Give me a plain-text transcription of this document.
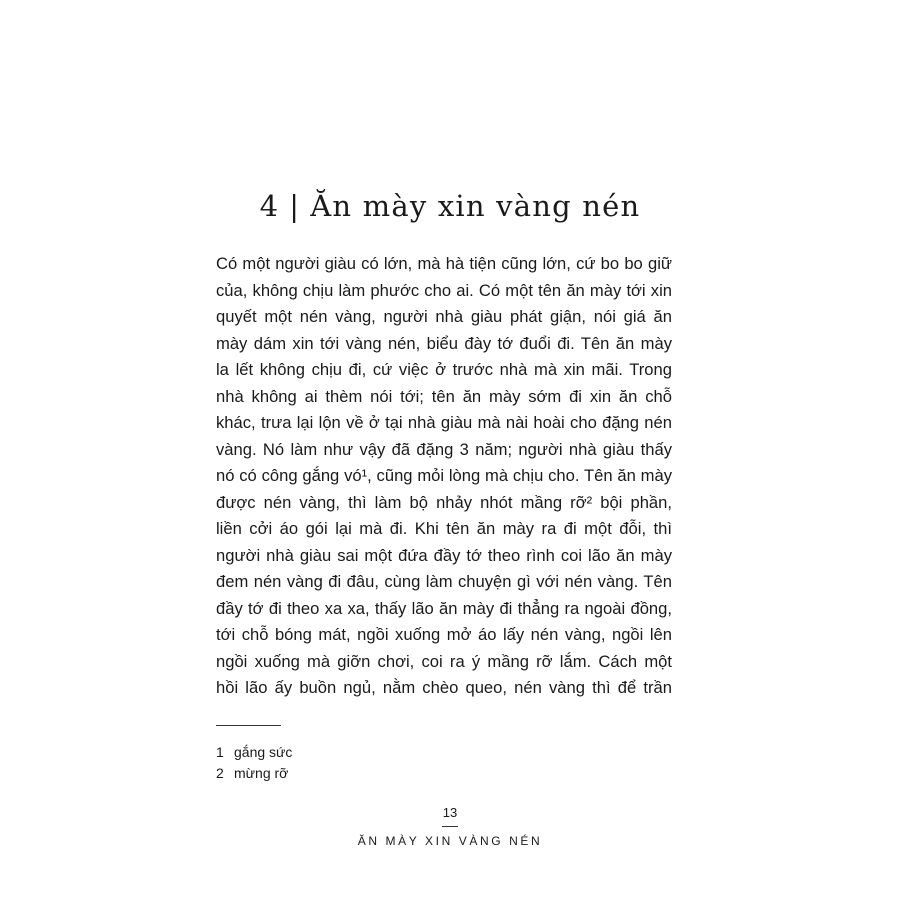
4 | Ăn mày xin vàng nén
Có một người giàu có lớn, mà hà tiện cũng lớn, cứ bo bo giữ
của, không chịu làm phước cho ai. Có một tên ăn mày tới xin
quyết một nén vàng, người nhà giàu phát giận, nói giá ăn
mày dám xin tới vàng nén, biểu đày tớ đuổi đi. Tên ăn mày
la lết không chịu đi, cứ việc ở trước nhà mà xin mãi. Trong
nhà không ai thèm nói tới; tên ăn mày sớm đi xin ăn chỗ
khác, trưa lại lộn về ở tại nhà giàu mà nài hoài cho đặng nén
vàng. Nó làm như vậy đã đặng 3 năm; người nhà giàu thấy
nó có công gắng vó¹, cũng mỏi lòng mà chịu cho. Tên ăn mày
được nén vàng, thì làm bộ nhảy nhót mầng rỡ² bội phần,
liền cởi áo gói lại mà đi. Khi tên ăn mày ra đi một đỗi, thì
người nhà giàu sai một đứa đầy tớ theo rình coi lão ăn mày
đem nén vàng đi đâu, cùng làm chuyện gì với nén vàng. Tên
đầy tớ đi theo xa xa, thấy lão ăn mày đi thẳng ra ngoài đồng,
tới chỗ bóng mát, ngồi xuống mở áo lấy nén vàng, ngồi lên
ngồi xuống mà giỡn chơi, coi ra ý mầng rỡ lắm. Cách một
hồi lão ấy buồn ngủ, nằm chèo queo, nén vàng thì để trần
1 gắng sức
2 mừng rỡ
13
ĂN MÀY XIN VÀNG NÉN
